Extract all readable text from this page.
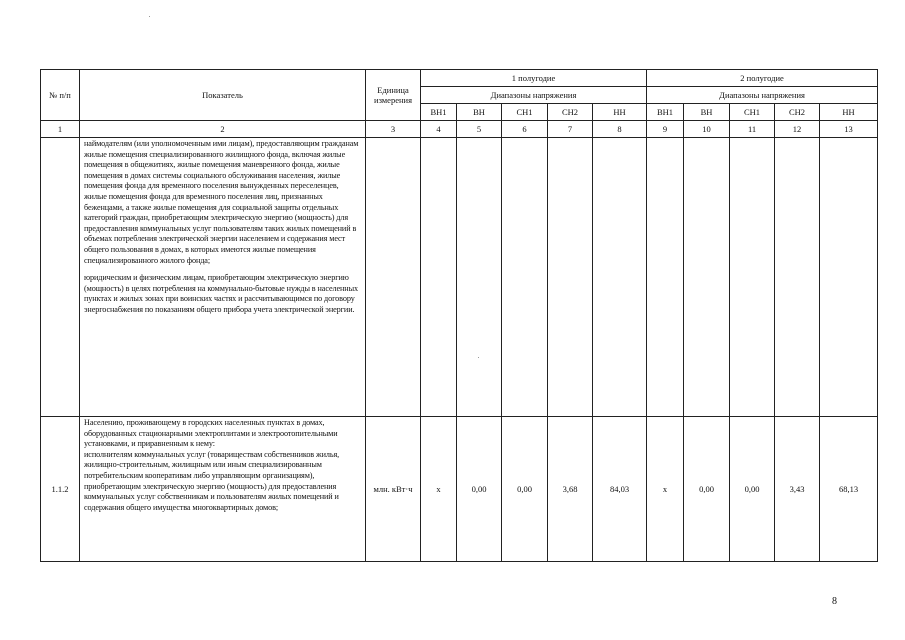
№ п/п	Показатель	Единица измерения	1 полугодие					2 полугодие				
			Диапазоны напряжения					Диапазоны напряжения				
			ВН1	ВН	СН1	СН2	НН	ВН1	ВН	СН1	СН2	НН
1	2	3	4	5	6	7	8	9	10	11	12	13

	наймодателям (или уполномоченным ими лицам), предоставляющим гражданам жилые помещения специализированного жилищного фонда, включая жилые помещения в общежитиях, жилые помещения маневренного фонда, жилые помещения в домах системы социального обслуживания населения, жилые помещения фонда для временного поселения вынужденных переселенцев, жилые помещения фонда для временного поселения лиц, признанных беженцами, а также жилые помещения для социальной защиты отдельных категорий граждан, приобретающим электрическую энергию (мощность) для предоставления коммунальных услуг пользователям таких жилых помещений в объемах потребления электрической энергии населением и содержания мест общего пользования в домах, в которых имеются жилые помещения специализированного жилого фонда;

юридическим и физическим лицам, приобретающим электрическую энергию (мощность) в целях потребления на коммунально-бытовые нужды в населенных пунктах и жилых зонах при воинских частях и рассчитывающимся по договору энергоснабжения по показаниям общего прибора учета электрической энергии.											

1.1.2	Населению, проживающему в городских населенных пунктах в домах, оборудованных стационарными электроплитами и электроотопительными установками, и приравненным к нему:

исполнителям коммунальных услуг (товариществам собственников жилья, жилищно-строительным, жилищным или иным специализированным потребительским кооперативам либо управляющим организациям), приобретающим электрическую энергию (мощность) для предоставления коммунальных услуг собственникам и пользователям жилых помещений и содержания общего имущества многоквартирных домов;	млн. кВт·ч	x	0,00	0,00	3,68	84,03	x	0,00	0,00	3,43	68,13
8
